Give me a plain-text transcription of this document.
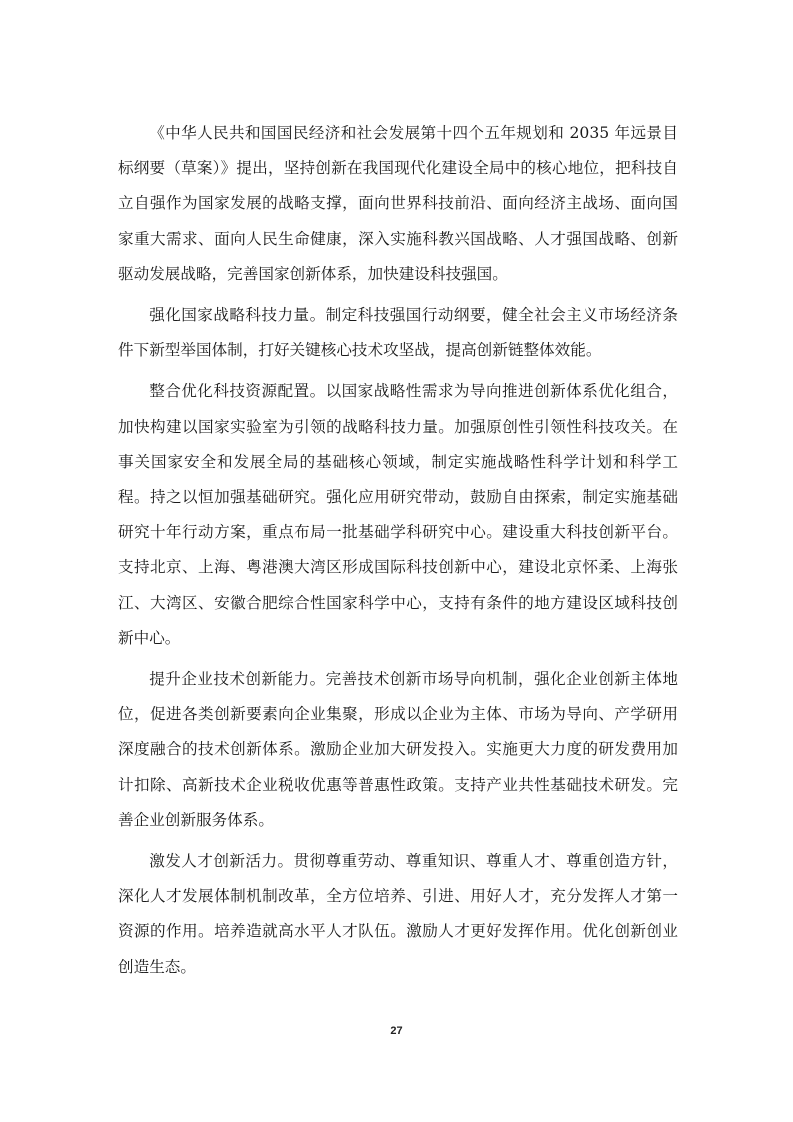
《中华人民共和国国民经济和社会发展第十四个五年规划和 2035 年远景目标纲要（草案）》提出，坚持创新在我国现代化建设全局中的核心地位，把科技自立自强作为国家发展的战略支撑，面向世界科技前沿、面向经济主战场、面向国家重大需求、面向人民生命健康，深入实施科教兴国战略、人才强国战略、创新驱动发展战略，完善国家创新体系，加快建设科技强国。

强化国家战略科技力量。制定科技强国行动纲要，健全社会主义市场经济条件下新型举国体制，打好关键核心技术攻坚战，提高创新链整体效能。

整合优化科技资源配置。以国家战略性需求为导向推进创新体系优化组合，加快构建以国家实验室为引领的战略科技力量。加强原创性引领性科技攻关。在事关国家安全和发展全局的基础核心领域，制定实施战略性科学计划和科学工程。持之以恒加强基础研究。强化应用研究带动，鼓励自由探索，制定实施基础研究十年行动方案，重点布局一批基础学科研究中心。建设重大科技创新平台。支持北京、上海、粤港澳大湾区形成国际科技创新中心，建设北京怀柔、上海张江、大湾区、安徽合肥综合性国家科学中心，支持有条件的地方建设区域科技创新中心。

提升企业技术创新能力。完善技术创新市场导向机制，强化企业创新主体地位，促进各类创新要素向企业集聚，形成以企业为主体、市场为导向、产学研用深度融合的技术创新体系。激励企业加大研发投入。实施更大力度的研发费用加计扣除、高新技术企业税收优惠等普惠性政策。支持产业共性基础技术研发。完善企业创新服务体系。

激发人才创新活力。贯彻尊重劳动、尊重知识、尊重人才、尊重创造方针，深化人才发展体制机制改革，全方位培养、引进、用好人才，充分发挥人才第一资源的作用。培养造就高水平人才队伍。激励人才更好发挥作用。优化创新创业创造生态。

27
